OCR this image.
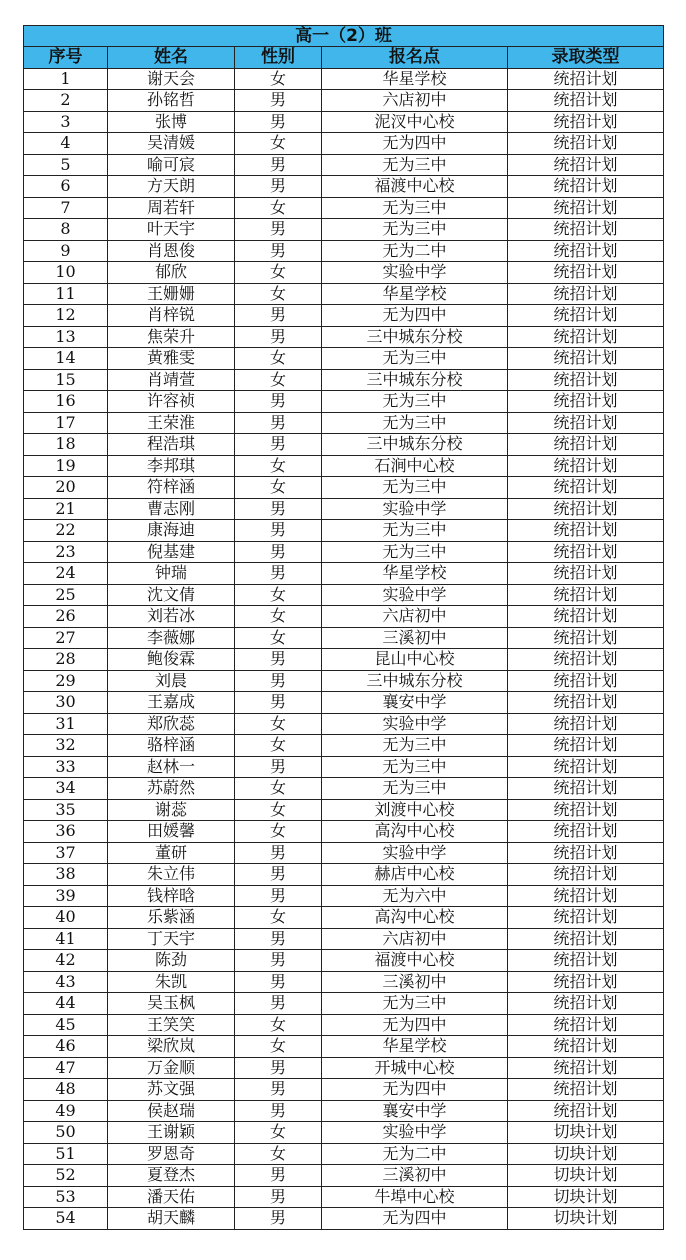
高一（2）班				
序号	姓名	性别	报名点	录取类型
1	谢天会	女	华星学校	统招计划
2	孙铭哲	男	六店初中	统招计划
3	张博	男	泥汊中心校	统招计划
4	吴清媛	女	无为四中	统招计划
5	喻可宸	男	无为三中	统招计划
6	方天朗	男	福渡中心校	统招计划
7	周若轩	女	无为三中	统招计划
8	叶天宇	男	无为三中	统招计划
9	肖恩俊	男	无为二中	统招计划
10	郁欣	女	实验中学	统招计划
11	王姗姗	女	华星学校	统招计划
12	肖梓锐	男	无为四中	统招计划
13	焦荣升	男	三中城东分校	统招计划
14	黄雅雯	女	无为三中	统招计划
15	肖靖萱	女	三中城东分校	统招计划
16	许容祯	男	无为三中	统招计划
17	王荣淮	男	无为三中	统招计划
18	程浩琪	男	三中城东分校	统招计划
19	李邦琪	女	石涧中心校	统招计划
20	符梓涵	女	无为三中	统招计划
21	曹志刚	男	实验中学	统招计划
22	康海迪	男	无为三中	统招计划
23	倪基建	男	无为三中	统招计划
24	钟瑞	男	华星学校	统招计划
25	沈文倩	女	实验中学	统招计划
26	刘若冰	女	六店初中	统招计划
27	李薇娜	女	三溪初中	统招计划
28	鲍俊霖	男	昆山中心校	统招计划
29	刘晨	男	三中城东分校	统招计划
30	王嘉成	男	襄安中学	统招计划
31	郑欣蕊	女	实验中学	统招计划
32	骆梓涵	女	无为三中	统招计划
33	赵林一	男	无为三中	统招计划
34	苏蔚然	女	无为三中	统招计划
35	谢蕊	女	刘渡中心校	统招计划
36	田媛馨	女	高沟中心校	统招计划
37	董研	男	实验中学	统招计划
38	朱立伟	男	赫店中心校	统招计划
39	钱梓晗	男	无为六中	统招计划
40	乐紫涵	女	高沟中心校	统招计划
41	丁天宇	男	六店初中	统招计划
42	陈劲	男	福渡中心校	统招计划
43	朱凯	男	三溪初中	统招计划
44	吴玉枫	男	无为三中	统招计划
45	王笑笑	女	无为四中	统招计划
46	梁欣岚	女	华星学校	统招计划
47	万金顺	男	开城中心校	统招计划
48	苏文强	男	无为四中	统招计划
49	侯赵瑞	男	襄安中学	统招计划
50	王谢颖	女	实验中学	切块计划
51	罗恩奇	女	无为二中	切块计划
52	夏登杰	男	三溪初中	切块计划
53	潘天佑	男	牛埠中心校	切块计划
54	胡天麟	男	无为四中	切块计划
